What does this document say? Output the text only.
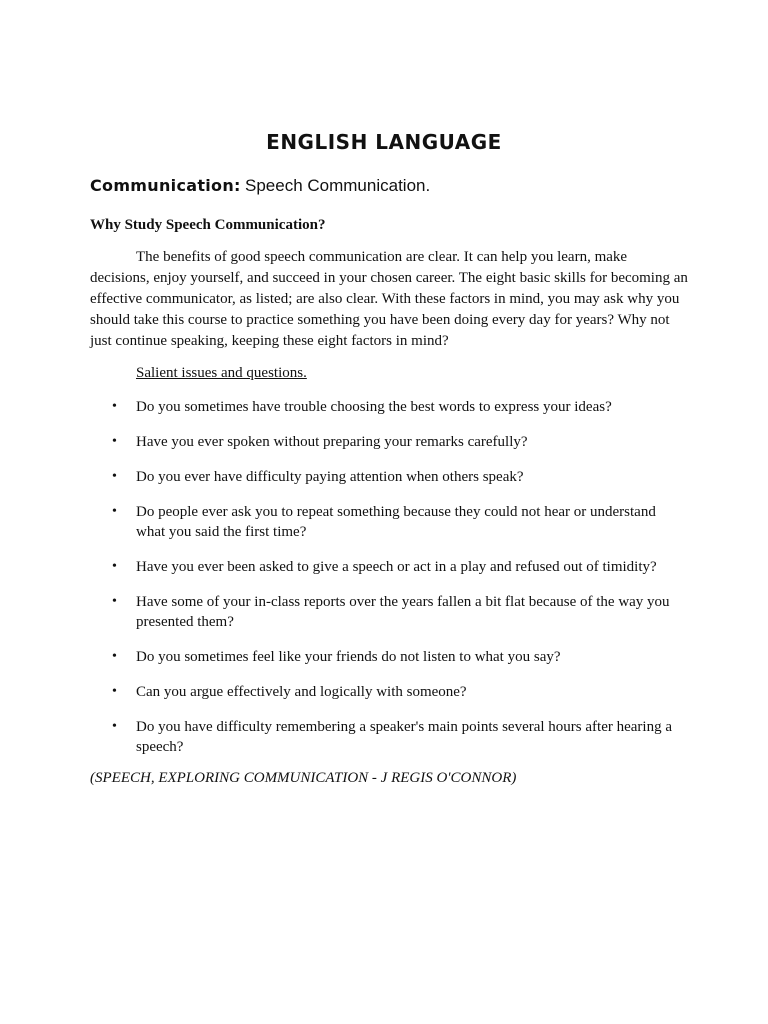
ENGLISH LANGUAGE

Communication: Speech Communication.

Why Study Speech Communication?

The benefits of good speech communication are clear. It can help you learn, make decisions, enjoy yourself, and succeed in your chosen career. The eight basic skills for becoming an effective communicator, as listed; are also clear. With these factors in mind, you may ask why you should take this course to practice something you have been doing every day for years? Why not just continue speaking, keeping these eight factors in mind?

Salient issues and questions.

• Do you sometimes have trouble choosing the best words to express your ideas?
• Have you ever spoken without preparing your remarks carefully?
• Do you ever have difficulty paying attention when others speak?
• Do people ever ask you to repeat something because they could not hear or understand what you said the first time?
• Have you ever been asked to give a speech or act in a play and refused out of timidity?
• Have some of your in-class reports over the years fallen a bit flat because of the way you presented them?
• Do you sometimes feel like your friends do not listen to what you say?
• Can you argue effectively and logically with someone?
• Do you have difficulty remembering a speaker's main points several hours after hearing a speech?

(SPEECH, EXPLORING COMMUNICATION - J REGIS O'CONNOR)
